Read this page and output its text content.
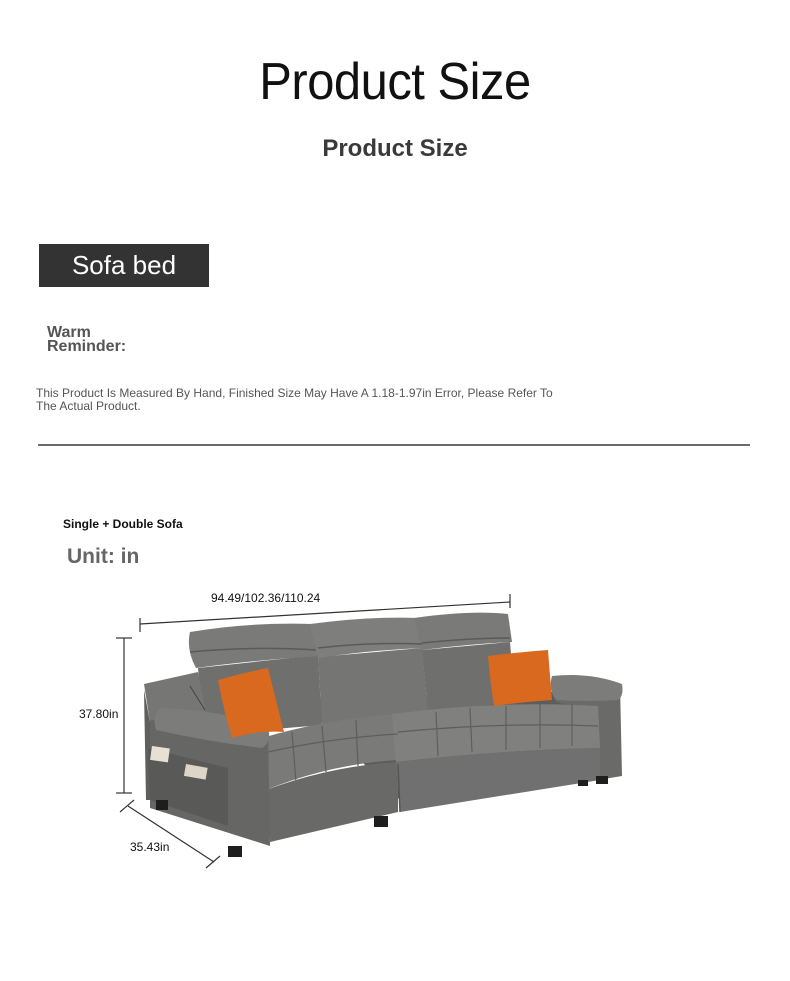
Product Size
Product Size
Sofa bed
Warm Reminder:
This Product Is Measured By Hand, Finished Size May Have A 1.18-1.97in Error, Please Refer To The Actual Product.
Single + Double Sofa
Unit: in
94.49/102.36/110.24
37.80in
35.43in
